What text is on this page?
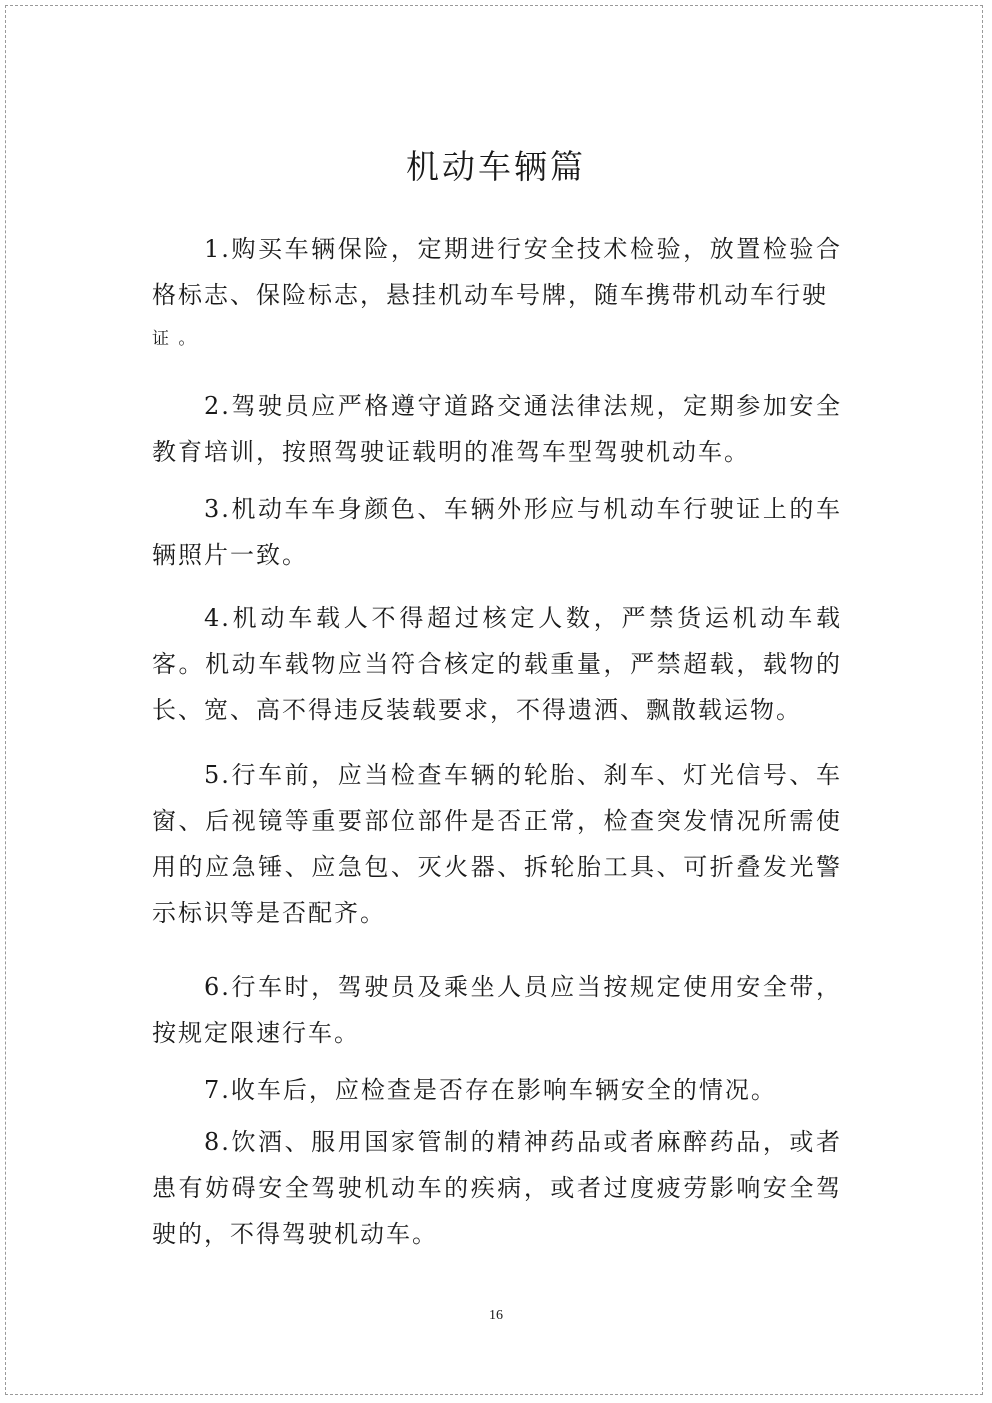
机动车辆篇

1.购买车辆保险，定期进行安全技术检验，放置检验合格标志、保险标志，悬挂机动车号牌，随车携带机动车行驶
证 。

2.驾驶员应严格遵守道路交通法律法规，定期参加安全教育培训，按照驾驶证载明的准驾车型驾驶机动车。

3.机动车车身颜色、车辆外形应与机动车行驶证上的车辆照片一致。

4.机动车载人不得超过核定人数，严禁货运机动车载客。机动车载物应当符合核定的载重量，严禁超载，载物的长、宽、高不得违反装载要求，不得遗洒、飘散载运物。

5.行车前，应当检查车辆的轮胎、刹车、灯光信号、车窗、后视镜等重要部位部件是否正常，检查突发情况所需使用的应急锤、应急包、灭火器、拆轮胎工具、可折叠发光警示标识等是否配齐。

6.行车时，驾驶员及乘坐人员应当按规定使用安全带，按规定限速行车。

7.收车后，应检查是否存在影响车辆安全的情况。

8.饮酒、服用国家管制的精神药品或者麻醉药品，或者患有妨碍安全驾驶机动车的疾病，或者过度疲劳影响安全驾驶的，不得驾驶机动车。

16
